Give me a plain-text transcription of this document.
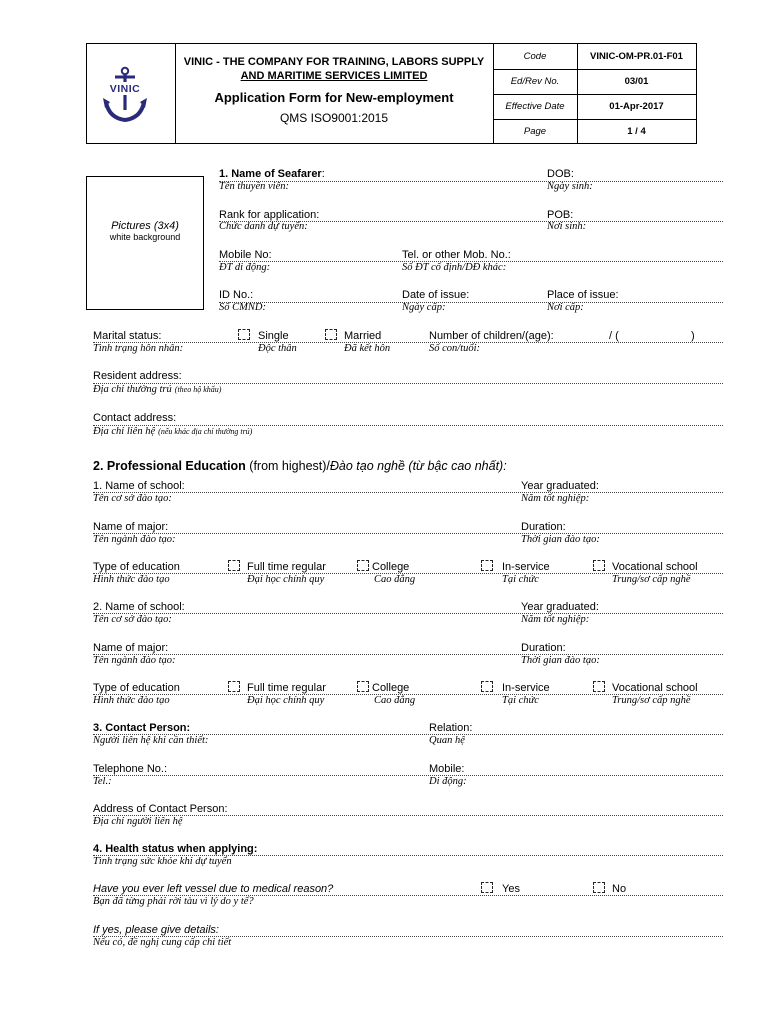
VINIC
VINIC - THE COMPANY FOR TRAINING, LABORS SUPPLY
AND MARITIME SERVICES LIMITED
Application Form for New-employment
QMS ISO9001:2015
Code	VINIC-OM-PR.01-F01
Ed/Rev No.	03/01
Effective Date	01-Apr-2017
Page	1 / 4
Pictures (3x4)
white background
1. Name of Seafarer:
Tên thuyền viên:
DOB:
Ngày sinh:
Rank for application:
Chức danh dự tuyển:
POB:
Nơi sinh:
Mobile No:
ĐT di động:
Tel. or other Mob. No.:
Số ĐT cố định/DĐ khác:
ID No.:
Số CMND:
Date of issue:
Ngày cấp:
Place of issue:
Nơi cấp:
Marital status:
Tình trạng hôn nhân:
Single
Độc thân
Married
Đã kết hôn
Number of children/(age):
Số con/tuổi:
/ (	)
Resident address:
Địa chỉ thường trú (theo hộ khẩu)
Contact address:
Địa chỉ liên hệ (nếu khác địa chỉ thường trú)
2. Professional Education (from highest)/Đào tạo nghề (từ bậc cao nhất):
1. Name of school:
Tên cơ sở đào tạo:
Year graduated:
Năm tốt nghiệp:
Name of major:
Tên ngành đào tạo:
Duration:
Thời gian đào tạo:
Type of education
Hình thức đào tạo
Full time regular
Đại học chính quy
College
Cao đẳng
In-service
Tại chức
Vocational school
Trung/sơ cấp nghề
2. Name of school:
Tên cơ sở đào tạo:
Year graduated:
Năm tốt nghiệp:
Name of major:
Tên ngành đào tạo:
Duration:
Thời gian đào tạo:
Type of education
Hình thức đào tạo
Full time regular
Đại học chính quy
College
Cao đẳng
In-service
Tại chức
Vocational school
Trung/sơ cấp nghề
3. Contact Person:
Người liên hệ khi cần thiết:
Relation:
Quan hệ
Telephone No.:
Tel.:
Mobile:
Di động:
Address of Contact Person:
Địa chỉ người liên hệ
4. Health status when applying:
Tình trạng sức khỏe khi dự tuyển
Have you ever left vessel due to medical reason?
Bạn đã từng phải rời tàu vì lý do y tế?
Yes	No
If yes, please give details:
Nếu có, đề nghị cung cấp chi tiết
